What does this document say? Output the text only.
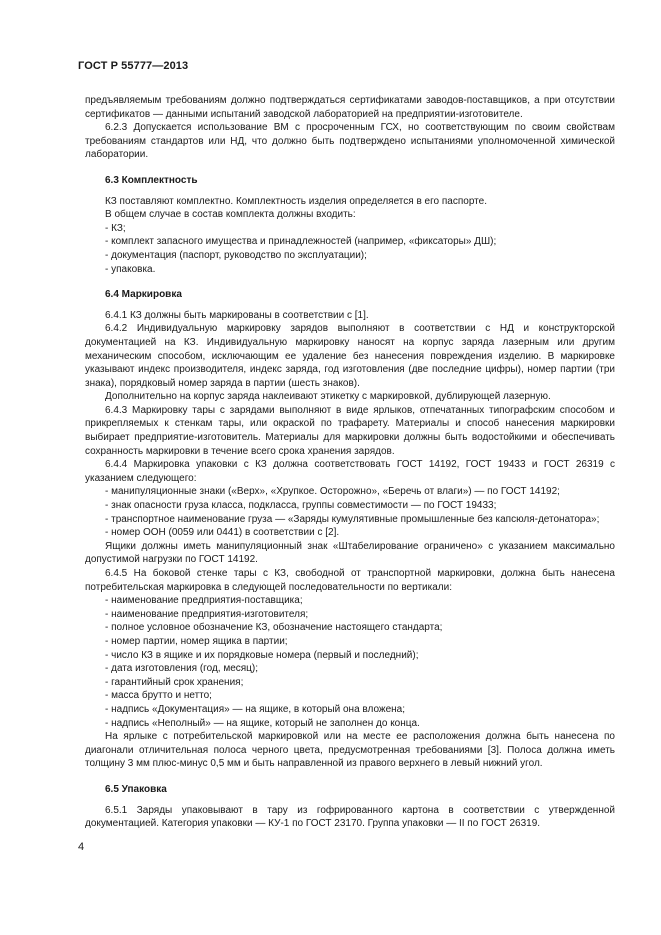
ГОСТ Р 55777—2013

предъявляемым требованиям должно подтверждаться сертификатами заводов-поставщиков, а при отсутствии сертификатов — данными испытаний заводской лабораторией на предприятии-изготовителе.

6.2.3 Допускается использование ВМ с просроченным ГСХ, но соответствующим по своим свойствам требованиям стандартов или НД, что должно быть подтверждено испытаниями уполномоченной химической лаборатории.

6.3 Комплектность

КЗ поставляют комплектно. Комплектность изделия определяется в его паспорте.

В общем случае в состав комплекта должны входить:

- КЗ;

- комплект запасного имущества и принадлежностей (например, «фиксаторы» ДШ);

- документация (паспорт, руководство по эксплуатации);

- упаковка.

6.4 Маркировка

6.4.1 КЗ должны быть маркированы в соответствии с [1].

6.4.2 Индивидуальную маркировку зарядов выполняют в соответствии с НД и конструкторской документацией на КЗ. Индивидуальную маркировку наносят на корпус заряда лазерным или другим механическим способом, исключающим ее удаление без нанесения повреждения изделию. В маркировке указывают индекс производителя, индекс заряда, год изготовления (две последние цифры), номер партии (три знака), порядковый номер заряда в партии (шесть знаков).

Дополнительно на корпус заряда наклеивают этикетку с маркировкой, дублирующей лазерную.

6.4.3 Маркировку тары с зарядами выполняют в виде ярлыков, отпечатанных типографским способом и прикрепляемых к стенкам тары, или окраской по трафарету. Материалы и способ нанесения маркировки выбирает предприятие-изготовитель. Материалы для маркировки должны быть водостойкими и обеспечивать сохранность маркировки в течение всего срока хранения зарядов.

6.4.4 Маркировка упаковки с КЗ должна соответствовать ГОСТ 14192, ГОСТ 19433 и ГОСТ 26319 с указанием следующего:

- манипуляционные знаки («Верх», «Хрупкое. Осторожно», «Беречь от влаги») — по ГОСТ 14192;

- знак опасности груза класса, подкласса, группы совместимости — по ГОСТ 19433;

- транспортное наименование груза — «Заряды кумулятивные промышленные без капсюля-детонатора»;

- номер ООН (0059 или 0441) в соответствии с [2].

Ящики должны иметь манипуляционный знак «Штабелирование ограничено» с указанием максимально допустимой нагрузки по ГОСТ 14192.

6.4.5 На боковой стенке тары с КЗ, свободной от транспортной маркировки, должна быть нанесена потребительская маркировка в следующей последовательности по вертикали:

- наименование предприятия-поставщика;

- наименование предприятия-изготовителя;

- полное условное обозначение КЗ, обозначение настоящего стандарта;

- номер партии, номер ящика в партии;

- число КЗ в ящике и их порядковые номера (первый и последний);

- дата изготовления (год, месяц);

- гарантийный срок хранения;

- масса брутто и нетто;

- надпись «Документация» — на ящике, в который она вложена;

- надпись «Неполный» — на ящике, который не заполнен до конца.

На ярлыке с потребительской маркировкой или на месте ее расположения должна быть нанесена по диагонали отличительная полоса черного цвета, предусмотренная требованиями [3]. Полоса должна иметь толщину 3 мм плюс-минус 0,5 мм и быть направленной из правого верхнего в левый нижний угол.

6.5 Упаковка

6.5.1 Заряды упаковывают в тару из гофрированного картона в соответствии с утвержденной документацией. Категория упаковки — КУ-1 по ГОСТ 23170. Группа упаковки — II по ГОСТ 26319.

4
